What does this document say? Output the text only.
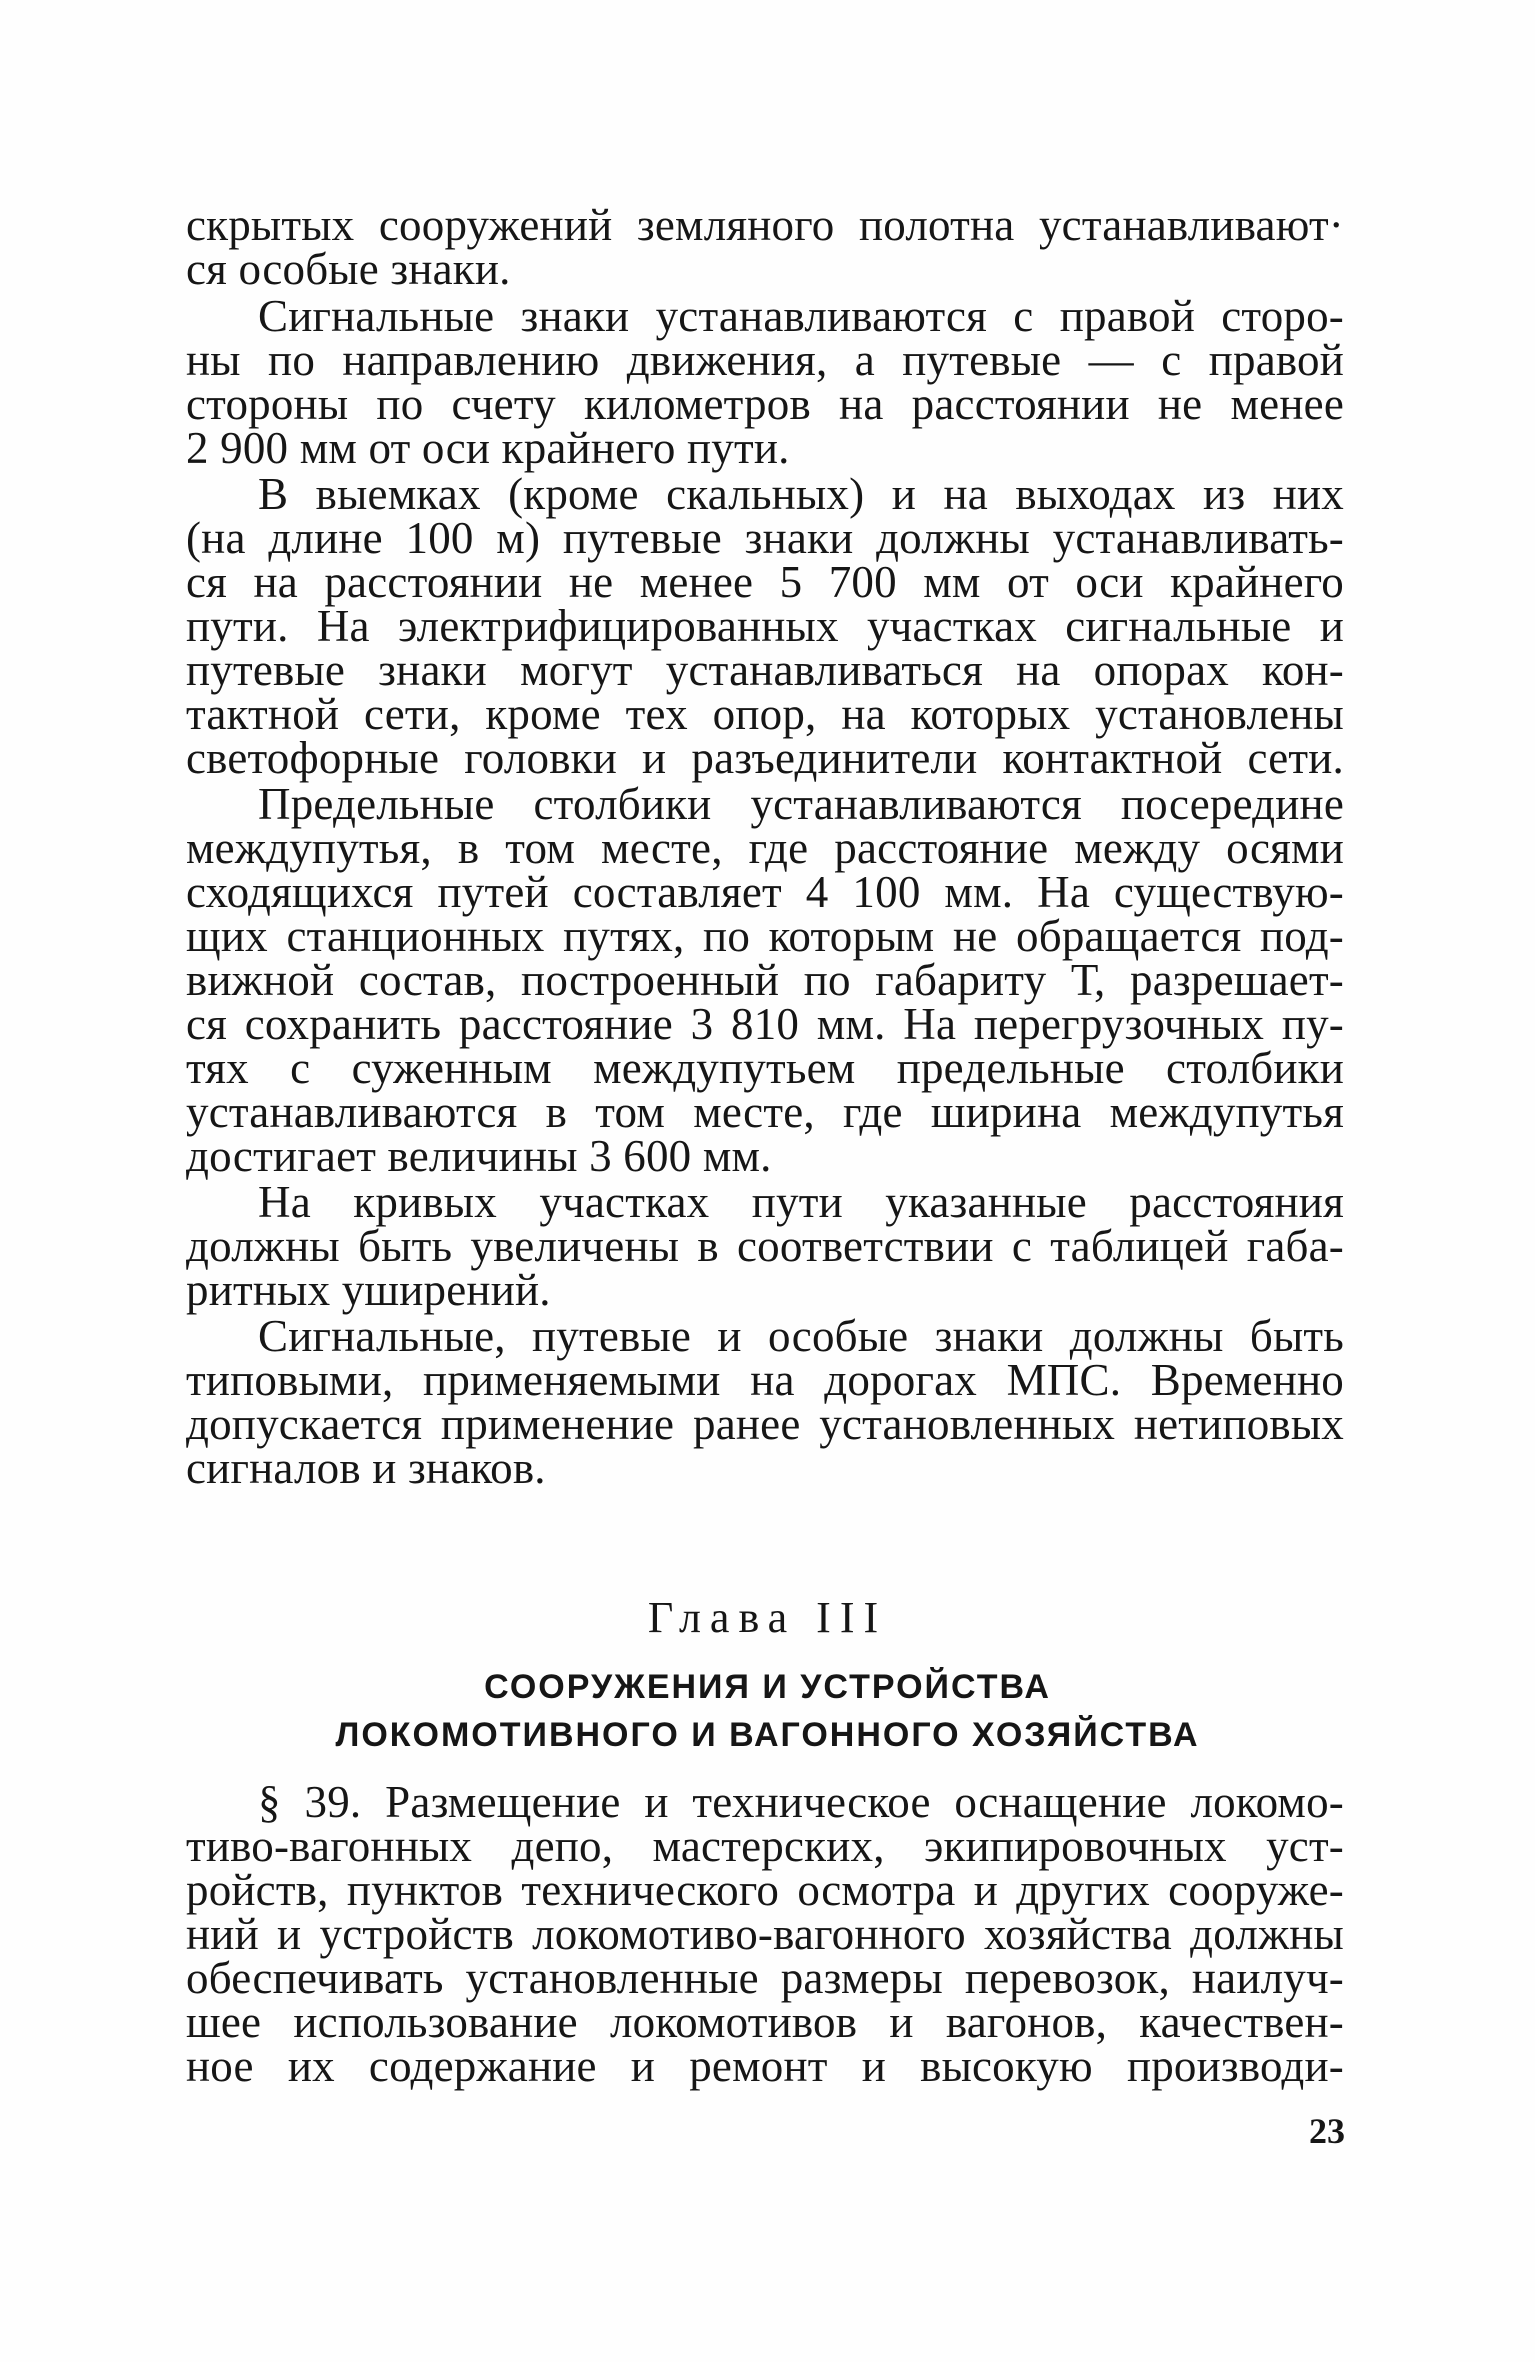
скрытых сооружений земляного полотна устанавливают·
ся особые знаки.
Сигнальные знаки устанавливаются с правой сторо-
ны по направлению движения, а путевые — с правой
стороны по счету километров на расстоянии не менее
2 900 мм от оси крайнего пути.
В выемках (кроме скальных) и на выходах из них
(на длине 100 м) путевые знаки должны устанавливать-
ся на расстоянии не менее 5 700 мм от оси крайнего
пути. На электрифицированных участках сигнальные и
путевые знаки могут устанавливаться на опорах кон-
тактной сети, кроме тех опор, на которых установлены
светофорные головки и разъединители контактной сети.
Предельные столбики устанавливаются посередине
междупутья, в том месте, где расстояние между осями
сходящихся путей составляет 4 100 мм. На существую-
щих станционных путях, по которым не обращается под-
вижной состав, построенный по габариту Т, разрешает-
ся сохранить расстояние 3 810 мм. На перегрузочных пу-
тях с суженным междупутьем предельные столбики
устанавливаются в том месте, где ширина междупутья
достигает величины 3 600 мм.
На кривых участках пути указанные расстояния
должны быть увеличены в соответствии с таблицей габа-
ритных уширений.
Сигнальные, путевые и особые знаки должны быть
типовыми, применяемыми на дорогах МПС. Временно
допускается применение ранее установленных нетиповых
сигналов и знаков.
Глава III
СООРУЖЕНИЯ И УСТРОЙСТВА
ЛОКОМОТИВНОГО И ВАГОННОГО ХОЗЯЙСТВА
§ 39. Размещение и техническое оснащение локомо-
тиво-вагонных депо, мастерских, экипировочных уст-
ройств, пунктов технического осмотра и других сооруже-
ний и устройств локомотиво-вагонного хозяйства должны
обеспечивать установленные размеры перевозок, наилуч-
шее использование локомотивов и вагонов, качествен-
ное их содержание и ремонт и высокую производи-
23
